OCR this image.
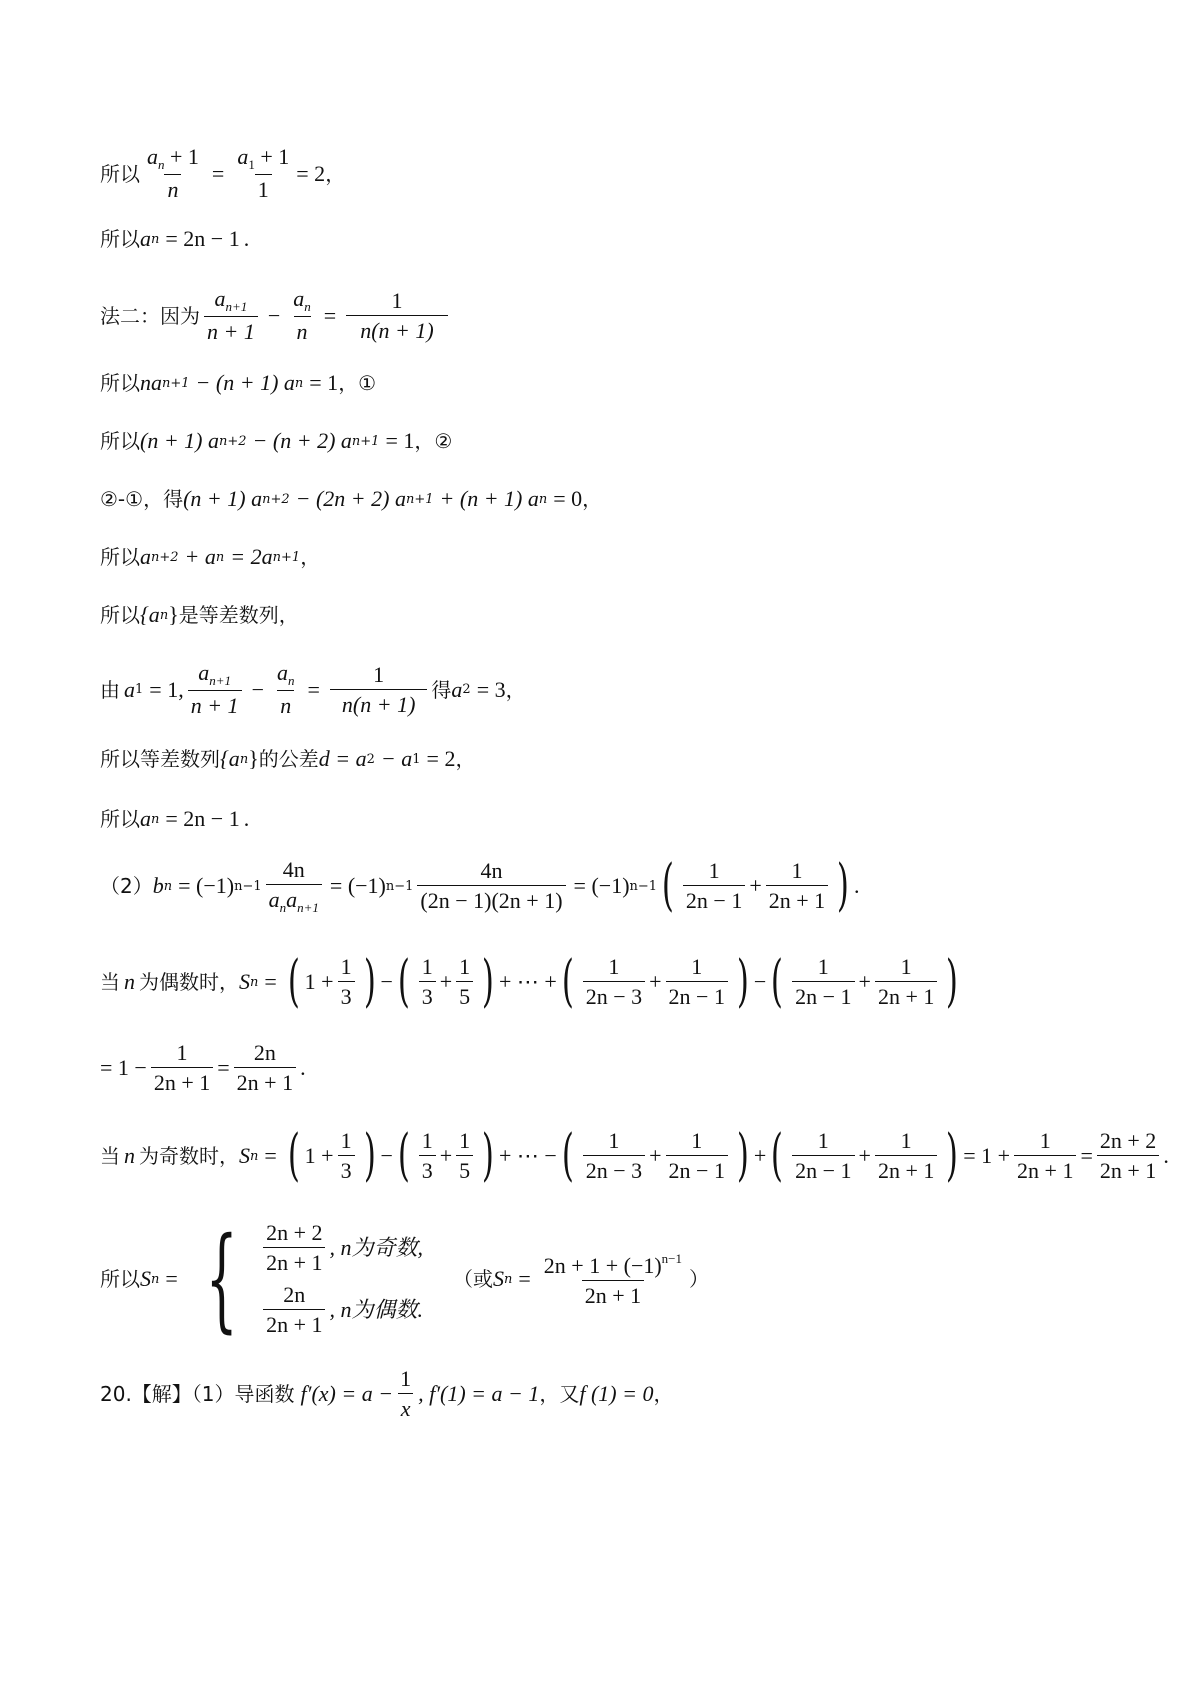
所以 $\frac{a_n + 1}{n} = \frac{a_1 + 1}{1} = 2$ ，
所以 a n = 2n − 1 .
法二：因为 $\frac{a_{n+1}}{n + 1} - \frac{a_n}{n} = \frac{1}{n(n + 1)}$
所以 na n+1 − (n + 1) a n = 1 ，①
所以 (n + 1) a n+2 − (n + 2) a n+1 = 1 ，②
②-①，得 (n + 1) a n+2 − (2n + 2) a n+1 + (n + 1) a n = 0 ，
所以 a n+2 + a n = 2a n+1 ，
所以 {a n } 是等差数列，
由 a 1 = 1, $\frac{a_{n+1}}{n + 1} - \frac{a_n}{n} = \frac{1}{n(n + 1)}$ 得 a 2 = 3 ，
所以等差数列 {a n } 的公差 d = a 2 − a 1 = 2 ，
所以 a n = 2n − 1 .
（2） b n = (−1) $n-1 \frac{4n}{a_na_{n+1}} = (-1)$ $n-1 \frac{4n}{(2n - 1)(2n + 1)} = (-1)$ n−1 ( $\frac{1}{2n - 1} + \frac{1}{2n + 1}$ ) .
当 n 为偶数时， S n = ( $1 + \frac{1}{3}$ ) − ( $\frac{1}{3} + \frac{1}{5}$ ) + ⋯ + ( $\frac{1}{2n - 3} + \frac{1}{2n - 1}$ ) − ( $\frac{1}{2n - 1} + \frac{1}{2n + 1}$ )
= $1 - \frac{1}{2n + 1} = \frac{2n}{2n + 1}$ .
当 n 为奇数时， S n = ( $1 + \frac{1}{3}$ ) − ( $\frac{1}{3} + \frac{1}{5}$ ) + ⋯ − ( $\frac{1}{2n - 3} + \frac{1}{2n - 1}$ ) + ( $\frac{1}{2n - 1} + \frac{1}{2n + 1}$ ) = $1 + \frac{1}{2n + 1} = \frac{2n + 2}{2n + 1}$ .
所以 S n = { $\frac{2n + 2}{2n + 1}$ , n为奇数,
$\frac{2n}{2n + 1}$ , n为偶数.
（或 S $n = \frac{2n + 1 + (-1)^{n-1}}{2n + 1}$ ）
20.【解】（1）导函数 $f'(x) = a - \frac{1}{x}$ , f′(1) = a − 1 ，又 f (1) = 0 ，
